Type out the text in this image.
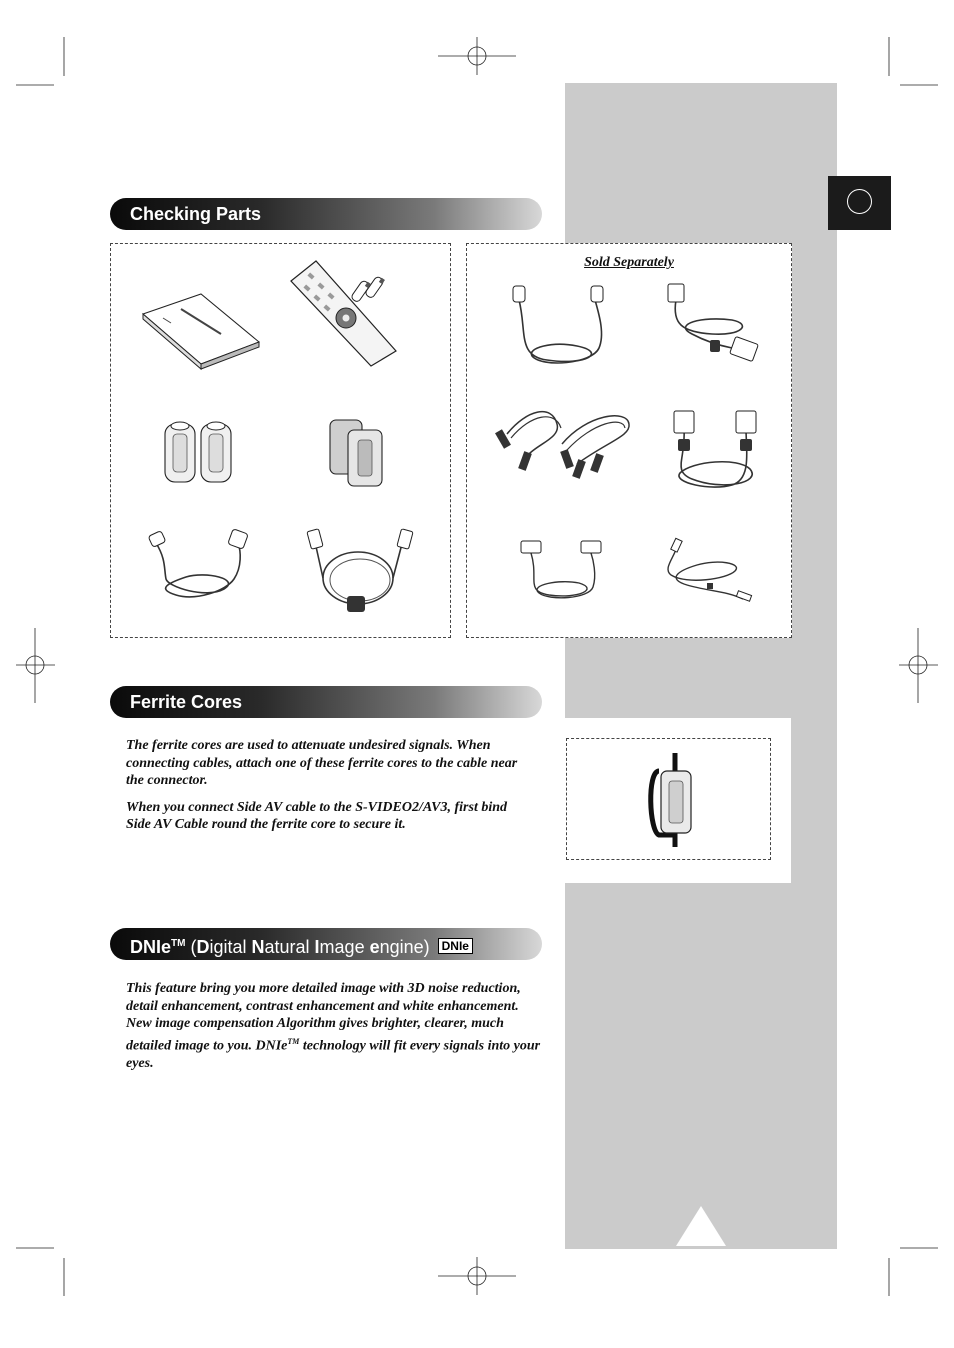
Checking Parts
Sold Separately
Ferrite Cores

The ferrite cores are used to attenuate undesired signals. When connecting cables, attach one of these ferrite cores to the cable near the connector.

When you connect Side AV cable to the S-VIDEO2/AV3, first bind Side AV Cable round the ferrite core to secure it.

DNIe™ (Digital Natural Image engine) DNIe

This feature bring you more detailed image with 3D noise reduction, detail enhancement, contrast enhancement and white enhancement. New image compensation Algorithm gives brighter, clearer, much detailed image to you. DNIe™ technology will fit every signals into your eyes.
